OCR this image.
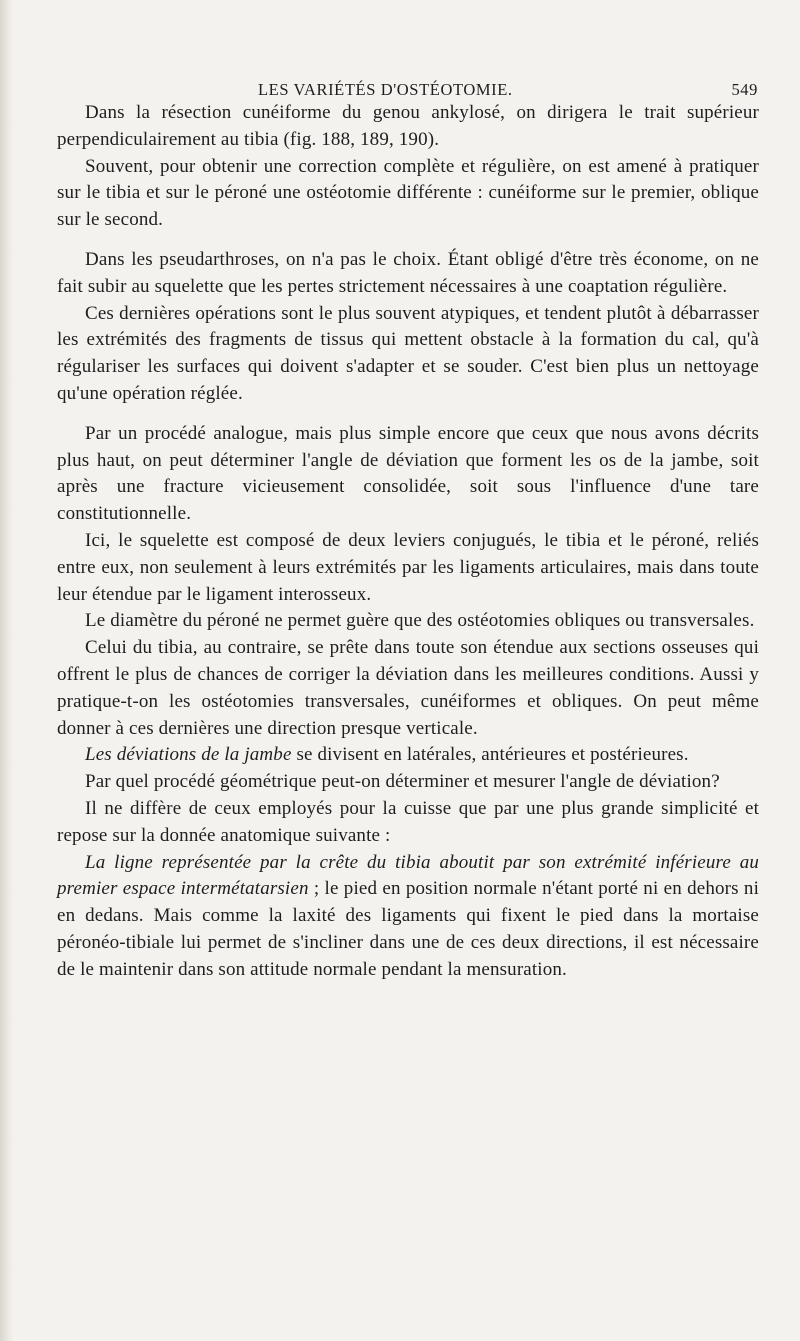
LES VARIÉTÉS D'OSTÉOTOMIE.	549

Dans la résection cunéiforme du genou ankylosé, on dirigera le trait supérieur perpendiculairement au tibia (fig. 188, 189, 190).

Souvent, pour obtenir une correction complète et régulière, on est amené à pratiquer sur le tibia et sur le péroné une ostéotomie différente : cunéiforme sur le premier, oblique sur le second.

Dans les pseudarthroses, on n'a pas le choix. Étant obligé d'être très économe, on ne fait subir au squelette que les pertes strictement nécessaires à une coaptation régulière.

Ces dernières opérations sont le plus souvent atypiques, et tendent plutôt à débarrasser les extrémités des fragments de tissus qui mettent obstacle à la formation du cal, qu'à régulariser les surfaces qui doivent s'adapter et se souder. C'est bien plus un nettoyage qu'une opération réglée.

Par un procédé analogue, mais plus simple encore que ceux que nous avons décrits plus haut, on peut déterminer l'angle de déviation que forment les os de la jambe, soit après une fracture vicieusement consolidée, soit sous l'influence d'une tare constitutionnelle.

Ici, le squelette est composé de deux leviers conjugués, le tibia et le péroné, reliés entre eux, non seulement à leurs extrémités par les ligaments articulaires, mais dans toute leur étendue par le ligament interosseux.

Le diamètre du péroné ne permet guère que des ostéotomies obliques ou transversales.

Celui du tibia, au contraire, se prête dans toute son étendue aux sections osseuses qui offrent le plus de chances de corriger la déviation dans les meilleures conditions. Aussi y pratique-t-on les ostéotomies transversales, cunéiformes et obliques. On peut même donner à ces dernières une direction presque verticale.

Les déviations de la jambe se divisent en latérales, antérieures et postérieures.

Par quel procédé géométrique peut-on déterminer et mesurer l'angle de déviation?

Il ne diffère de ceux employés pour la cuisse que par une plus grande simplicité et repose sur la donnée anatomique suivante :

La ligne représentée par la crête du tibia aboutit par son extrémité inférieure au premier espace intermétatarsien ; le pied en position normale n'étant porté ni en dehors ni en dedans. Mais comme la laxité des ligaments qui fixent le pied dans la mortaise péronéo-tibiale lui permet de s'incliner dans une de ces deux directions, il est nécessaire de le maintenir dans son attitude normale pendant la mensuration.
